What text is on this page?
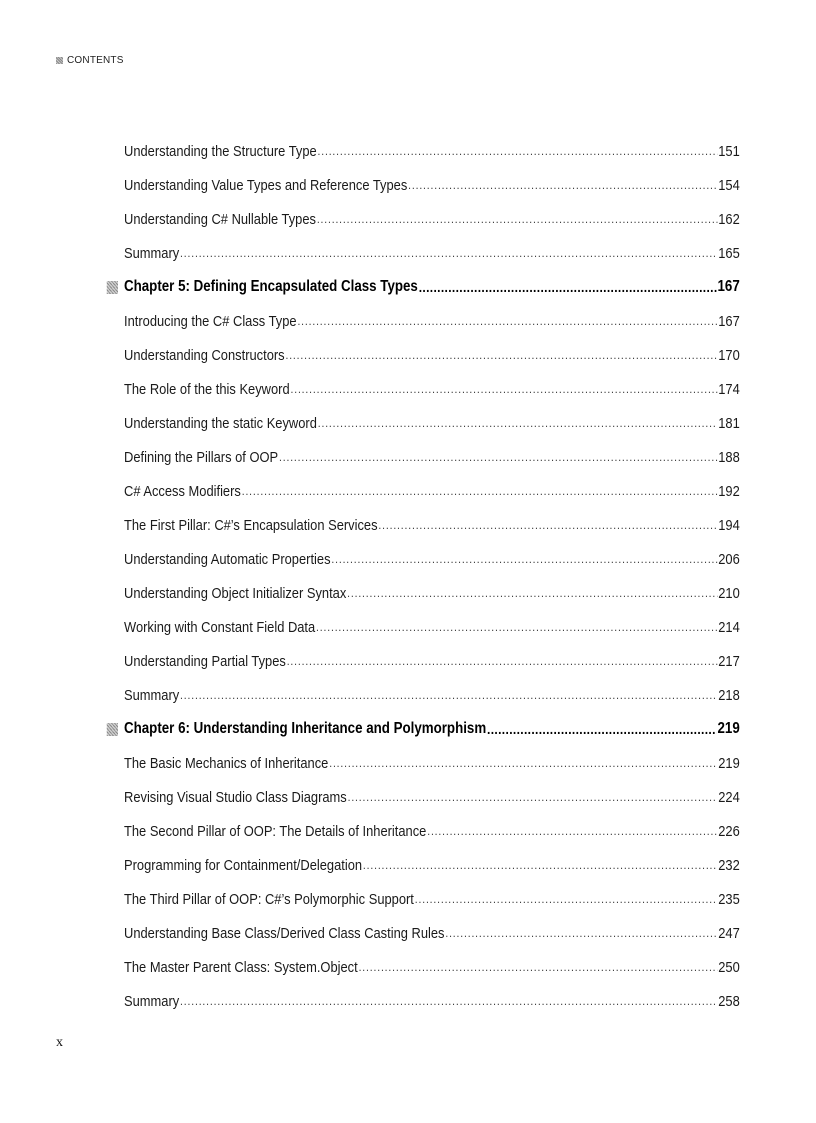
CONTENTS
Understanding the Structure Type .....	151
Understanding Value Types and Reference Types .....	154
Understanding C# Nullable Types .....	162
Summary .....	165
Chapter 5: Defining Encapsulated Class Types .....	167
Introducing the C# Class Type .....	167
Understanding Constructors .....	170
The Role of the this Keyword .....	174
Understanding the static Keyword .....	181
Defining the Pillars of OOP .....	188
C# Access Modifiers .....	192
The First Pillar: C#’s Encapsulation Services .....	194
Understanding Automatic Properties .....	206
Understanding Object Initializer Syntax .....	210
Working with Constant Field Data .....	214
Understanding Partial Types .....	217
Summary .....	218
Chapter 6: Understanding Inheritance and Polymorphism .....	219
The Basic Mechanics of Inheritance .....	219
Revising Visual Studio Class Diagrams .....	224
The Second Pillar of OOP: The Details of Inheritance .....	226
Programming for Containment/Delegation .....	232
The Third Pillar of OOP: C#’s Polymorphic Support .....	235
Understanding Base Class/Derived Class Casting Rules .....	247
The Master Parent Class: System.Object .....	250
Summary .....	258
x
